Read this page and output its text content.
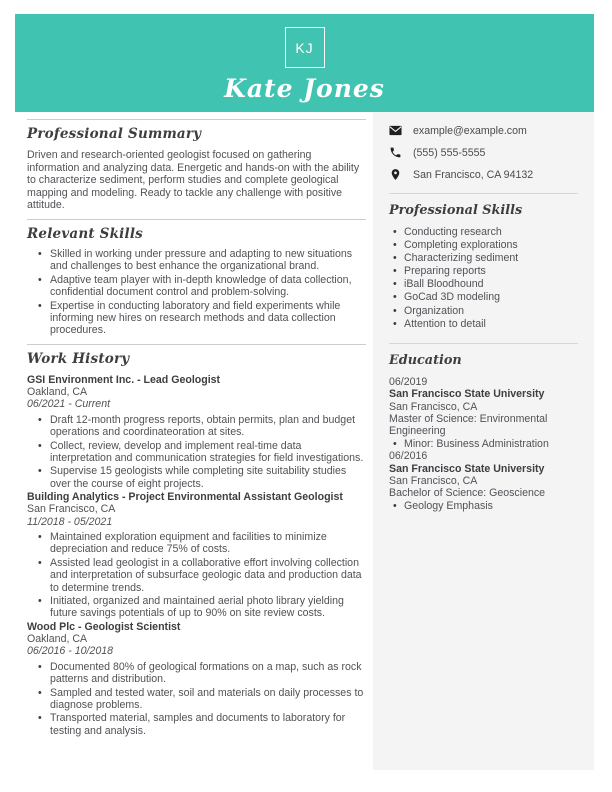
KJ
Kate Jones
Professional Summary

Driven and research-oriented geologist focused on gathering information and analyzing data. Energetic and hands-on with the ability to characterize sediment, perform studies and complete geological mapping and modeling. Ready to tackle any challenge with positive attitude.

Relevant Skills
• Skilled in working under pressure and adapting to new situations and challenges to best enhance the organizational brand.
• Adaptive team player with in-depth knowledge of data collection, confidential document control and problem-solving.
• Expertise in conducting laboratory and field experiments while informing new hires on research methods and data collection procedures.
Work History
GSI Environment Inc. - Lead Geologist
Oakland, CA
06/2021 - Current
• Draft 12-month progress reports, obtain permits, plan and budget operations and coordinateoration at sites.
• Collect, review, develop and implement real-time data interpretation and communication strategies for field investigations.
• Supervise 15 geologists while completing site suitability studies over the course of eight projects.
Building Analytics - Project Environmental Assistant Geologist
San Francisco, CA
11/2018 - 05/2021
• Maintained exploration equipment and facilities to minimize depreciation and reduce 75% of costs.
• Assisted lead geologist in a collaborative effort involving collection and interpretation of subsurface geologic data and production data to determine trends.
• Initiated, organized and maintained aerial photo library yielding future savings potentials of up to 90% on site review costs.
Wood Plc - Geologist Scientist
Oakland, CA
06/2016 - 10/2018
• Documented 80% of geological formations on a map, such as rock patterns and distribution.
• Sampled and tested water, soil and materials on daily processes to diagnose problems.
• Transported material, samples and documents to laboratory for testing and analysis.
example@example.com
(555) 555-5555
San Francisco, CA 94132
Professional Skills
• Conducting research
• Completing explorations
• Characterizing sediment
• Preparing reports
• iBall Bloodhound
• GoCad 3D modeling
• Organization
• Attention to detail
Education
06/2019
San Francisco State University
San Francisco, CA
Master of Science: Environmental Engineering
• Minor: Business Administration
06/2016
San Francisco State University
San Francisco, CA
Bachelor of Science: Geoscience
• Geology Emphasis
